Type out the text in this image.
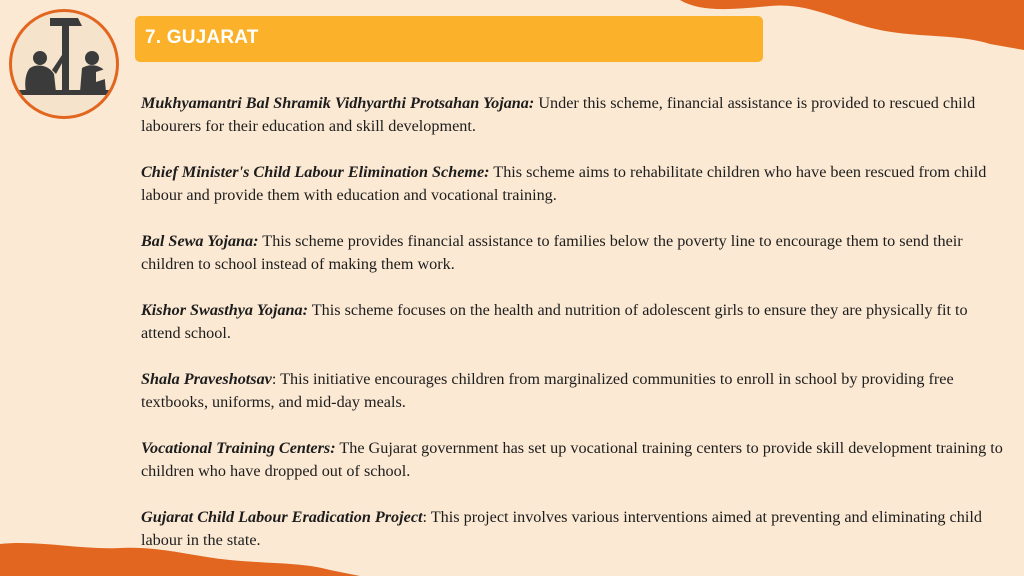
7. GUJARAT

Mukhyamantri Bal Shramik Vidhyarthi Protsahan Yojana: Under this scheme, financial assistance is provided to rescued child labourers for their education and skill development.

Chief Minister's Child Labour Elimination Scheme: This scheme aims to rehabilitate children who have been rescued from child labour and provide them with education and vocational training.

Bal Sewa Yojana: This scheme provides financial assistance to families below the poverty line to encourage them to send their children to school instead of making them work.

Kishor Swasthya Yojana: This scheme focuses on the health and nutrition of adolescent girls to ensure they are physically fit to attend school.

Shala Praveshotsav: This initiative encourages children from marginalized communities to enroll in school by providing free textbooks, uniforms, and mid-day meals.

Vocational Training Centers: The Gujarat government has set up vocational training centers to provide skill development training to children who have dropped out of school.

Gujarat Child Labour Eradication Project: This project involves various interventions aimed at preventing and eliminating child labour in the state.
